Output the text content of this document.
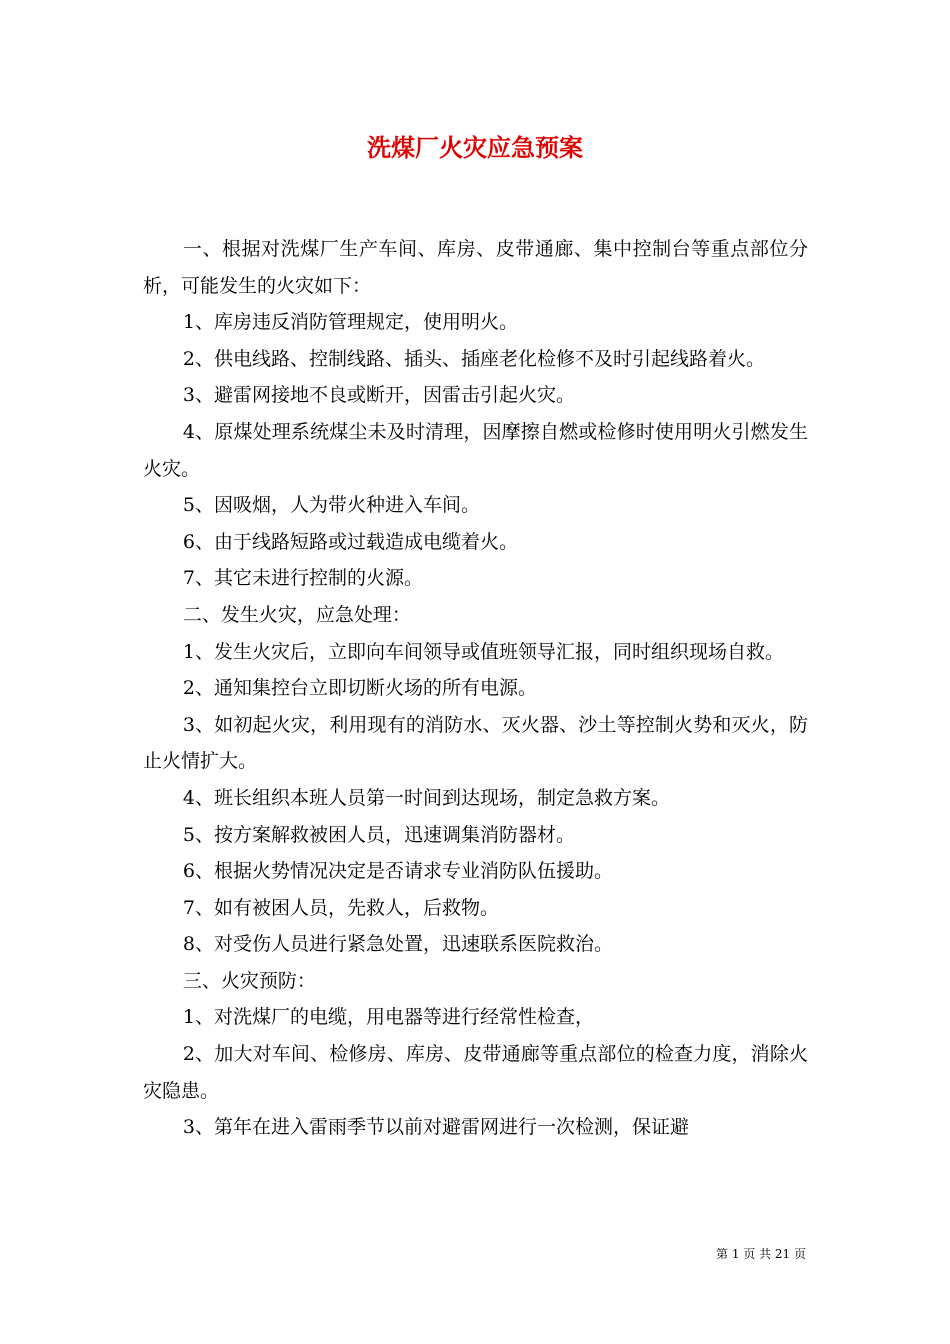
洗煤厂火灾应急预案

一、根据对洗煤厂生产车间、库房、皮带通廊、集中控制台等重点部位分析，可能发生的火灾如下：

1、库房违反消防管理规定，使用明火。

2、供电线路、控制线路、插头、插座老化检修不及时引起线路着火。

3、避雷网接地不良或断开，因雷击引起火灾。

4、原煤处理系统煤尘未及时清理，因摩擦自燃或检修时使用明火引燃发生火灾。

5、因吸烟，人为带火种进入车间。

6、由于线路短路或过载造成电缆着火。

7、其它未进行控制的火源。

二、发生火灾，应急处理：

1、发生火灾后，立即向车间领导或值班领导汇报，同时组织现场自救。

2、通知集控台立即切断火场的所有电源。

3、如初起火灾，利用现有的消防水、灭火器、沙土等控制火势和灭火，防止火情扩大。

4、班长组织本班人员第一时间到达现场，制定急救方案。

5、按方案解救被困人员，迅速调集消防器材。

6、根据火势情况决定是否请求专业消防队伍援助。

7、如有被困人员，先救人，后救物。

8、对受伤人员进行紧急处置，迅速联系医院救治。

三、火灾预防：

1、对洗煤厂的电缆，用电器等进行经常性检查，

2、加大对车间、检修房、库房、皮带通廊等重点部位的检查力度，消除火灾隐患。

3、第年在进入雷雨季节以前对避雷网进行一次检测，保证避

第 1 页 共 21 页
